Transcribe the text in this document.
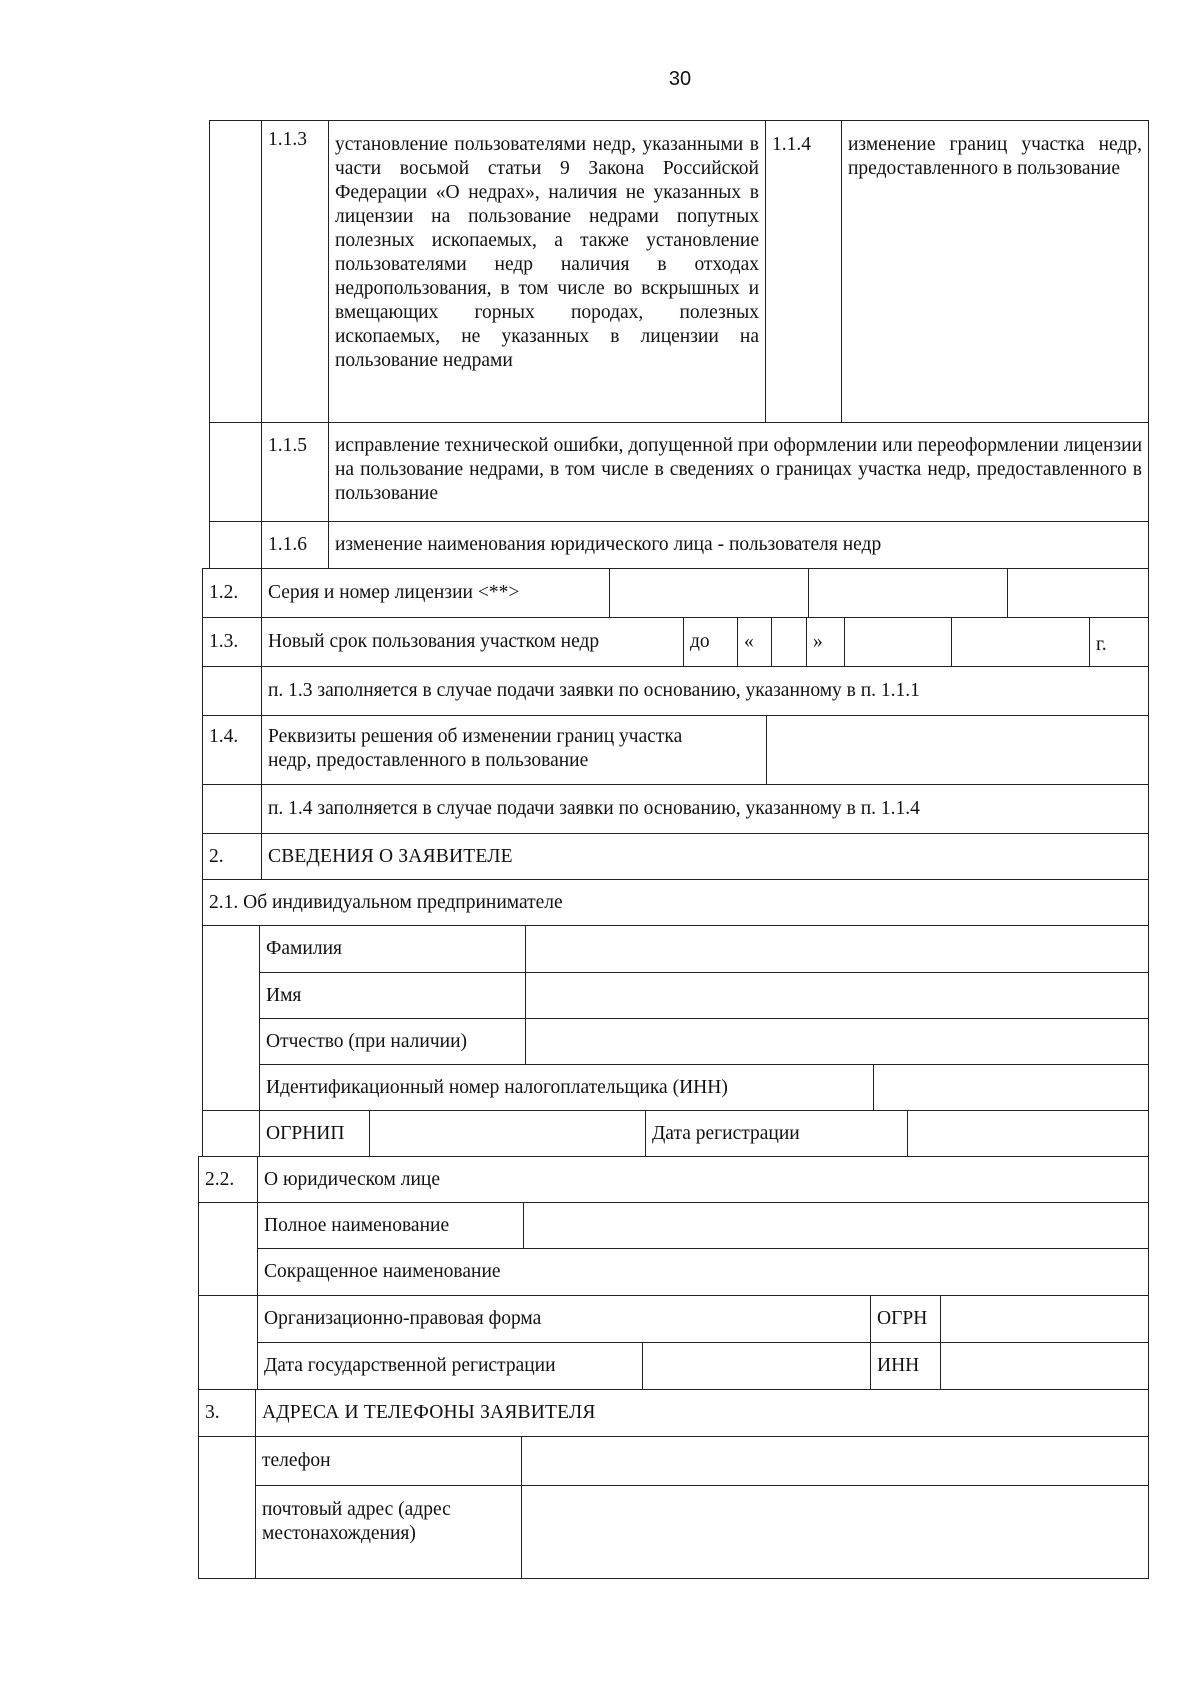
30
1.1.3	установление пользователями недр, указанными в части восьмой статьи 9 Закона Российской Федерации «О недрах», наличия не указанных в лицензии на пользование недрами попутных полезных ископаемых, а также установление пользователями недр наличия в отходах недропользования, в том числе во вскрышных и вмещающих горных породах, полезных ископаемых, не указанных в лицензии на пользование недрами
1.1.4	изменение границ участка недр, предоставленного в пользование
1.1.5	исправление технической ошибки, допущенной при оформлении или переоформлении лицензии на пользование недрами, в том числе в сведениях о границах участка недр, предоставленного в пользование
1.1.6	изменение наименования юридического лица - пользователя недр
1.2.	Серия и номер лицензии <**>
1.3.	Новый срок пользования участком недр	до	«	»	г.
п. 1.3 заполняется в случае подачи заявки по основанию, указанному в п. 1.1.1
1.4.	Реквизиты решения об изменении границ участка недр, предоставленного в пользование
п. 1.4 заполняется в случае подачи заявки по основанию, указанному в п. 1.1.4
2.	СВЕДЕНИЯ О ЗАЯВИТЕЛЕ
2.1. Об индивидуальном предпринимателе
Фамилия
Имя
Отчество (при наличии)
Идентификационный номер налогоплательщика (ИНН)
ОГРНИП	Дата регистрации
2.2.	О юридическом лице
Полное наименование
Сокращенное наименование
Организационно-правовая форма	ОГРН
Дата государственной регистрации	ИНН
3.	АДРЕСА И ТЕЛЕФОНЫ ЗАЯВИТЕЛЯ
телефон
почтовый адрес (адрес местонахождения)
